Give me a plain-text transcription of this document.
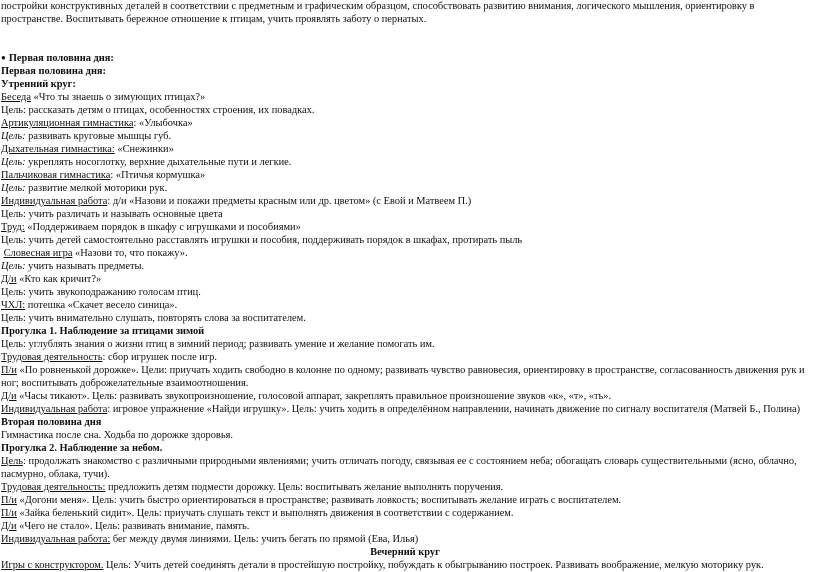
постройки конструктивных деталей в соответствии с предметным и графическим образцом, способствовать развитию внимания, логического мышления, ориентировку в

пространстве. Воспитывать бережное отношение к птицам, учить проявлять заботу о пернатых.

● Первая половина дня:

Первая половина дня:

Утренний круг:

Беседа «Что ты знаешь о зимующих птицах?»

Цель: рассказать детям о птицах, особенностях строения, их повадках.

Артикуляционная гимнастика: «Улыбочка»

Цель: развивать круговые мышцы губ.

Дыхательная гимнастика: «Снежинки»

Цель: укреплять носоглотку, верхние дыхательные пути и легкие.

Пальчиковая гимнастика: «Птичья кормушка»

Цель: развитие мелкой моторики рук.

Индивидуальная работа: д/и «Назови и покажи предметы красным или др. цветом» (с Евой и Матвеем П.)

Цель: учить различать и называть основные цвета

Труд: «Поддерживаем порядок в шкафу с игрушками и пособиями»

Цель: учить детей самостоятельно расставлять игрушки и пособия, поддерживать порядок в шкафах, протирать пыль

Словесная игра «Назови то, что покажу».

Цель: учить называть предметы.

Д/и «Кто как кричит?»

Цель: учить звукоподражанию голосам птиц.

ЧХЛ: потешка «Скачет весело синица».

Цель: учить внимательно слушать, повторять слова за воспитателем.

Прогулка 1. Наблюдение за птицами зимой

Цель: углублять знания о жизни птиц в зимний период; развивать умение и желание помогать им.

Трудовая деятельность: сбор игрушек после игр.

П/и «По ровненькой дорожке». Цели: приучать ходить свободно в колонне по одному; развивать чувство равновесия, ориентировку в пространстве, согласованность движения рук и

ног; воспитывать доброжелательные взаимоотношения.

Д/и «Часы тикают». Цель: развивать звукопроизношение, голосовой аппарат, закреплять правильное произношение звуков «к», «т», «ть».

Индивидуальная работа: игровое упражнение «Найди игрушку». Цель: учить ходить в определённом направлении, начинать движение по сигналу воспитателя (Матвей Б., Полина)

Вторая половина дня

Гимнастика после сна. Ходьба по дорожке здоровья.

Прогулка 2. Наблюдение за небом.

Цель: продолжать знакомство с различными природными явлениями; учить отличать погоду, связывая ее с состоянием неба; обогащать словарь существительными (ясно, облачно,

пасмурно, облака, тучи).

Трудовая деятельность: предложить детям подмести дорожку. Цель: воспитывать желание выполнять поручения.

П/и «Догони меня». Цель: учить быстро ориентироваться в пространстве; развивать ловкость; воспитывать желание играть с воспитателем.

П/и «Зайка беленький сидит». Цель: приучать слушать текст и выполнять движения в соответствии с содержанием.

Д/и «Чего не стало». Цель: развивать внимание, память.

Индивидуальная работа: бег между двумя линиями. Цель: учить бегать по прямой (Ева, Илья)

Вечерний круг

Игры с конструктором. Цель: Учить детей соединять детали в простейшую постройку, побуждать к обыгрыванию построек. Развивать воображение, мелкую моторику рук.
